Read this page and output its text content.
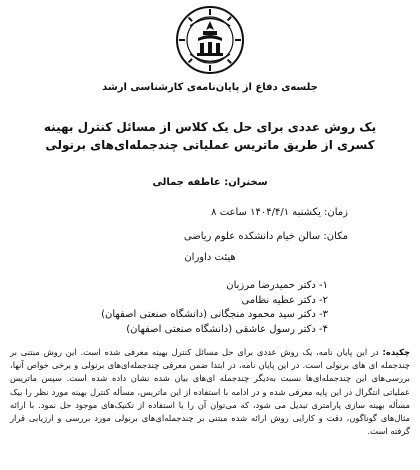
جلسه‌ی دفاع از پایان‌نامه‌ی کارشناسی ارشد
یک روش عددی برای حل یک کلاس از مسائل کنترل بهینه کسری از طریق ماتریس عملیاتی چندجمله‌ای‌های برنولی
سخنران: عاطفه جمالی
زمان: یکشنبه ۱۴۰۴/۴/۱ ساعت ۸
مکان: سالن خیام دانشکده علوم ریاضی
هیئت داوران
۱- دکتر حمیدرضا مرزبان
۲- دکتر عطیه نظامی
۳- دکتر سید محمود منجگانی (دانشگاه صنعتی اصفهان)
۴- دکتر رسول عاشقی (دانشگاه صنعتی اصفهان)
چکیده: در این پایان نامه، یک روش عددی برای حل مسائل کنترل بهینه معرفی شده است. این روش مبتنی بر چندجمله ای های برنولی است. در این پایان نامه، در ابتدا ضمن معرفی چندجمله‌ای‌های برنولی و برخی خواص آنها، بررسی‌های این چندجمله‌ای‌ها نسبت به‌دیگر چندجمله ای‌های بیان شده نشان داده شده است. سپس ماتریس عملیاتی انتگرال در این پایه معرفی شده و در ادامه با استفاده از این ماتریس، مسأله کنترل بهینه مورد نظر را بیک مسأله بهینه سازی پارامتری تبدیل می شود، که می‌توان آن را با استفاده از تکنیک‌های موجود حل نمود. با ارائه مثال‌های گوناگون، دقت و کارایی روش ارائه شده مبتنی بر چندجمله‌ای‌های برنولی مورد بررسی و ارزیابی قرار گرفته است.
